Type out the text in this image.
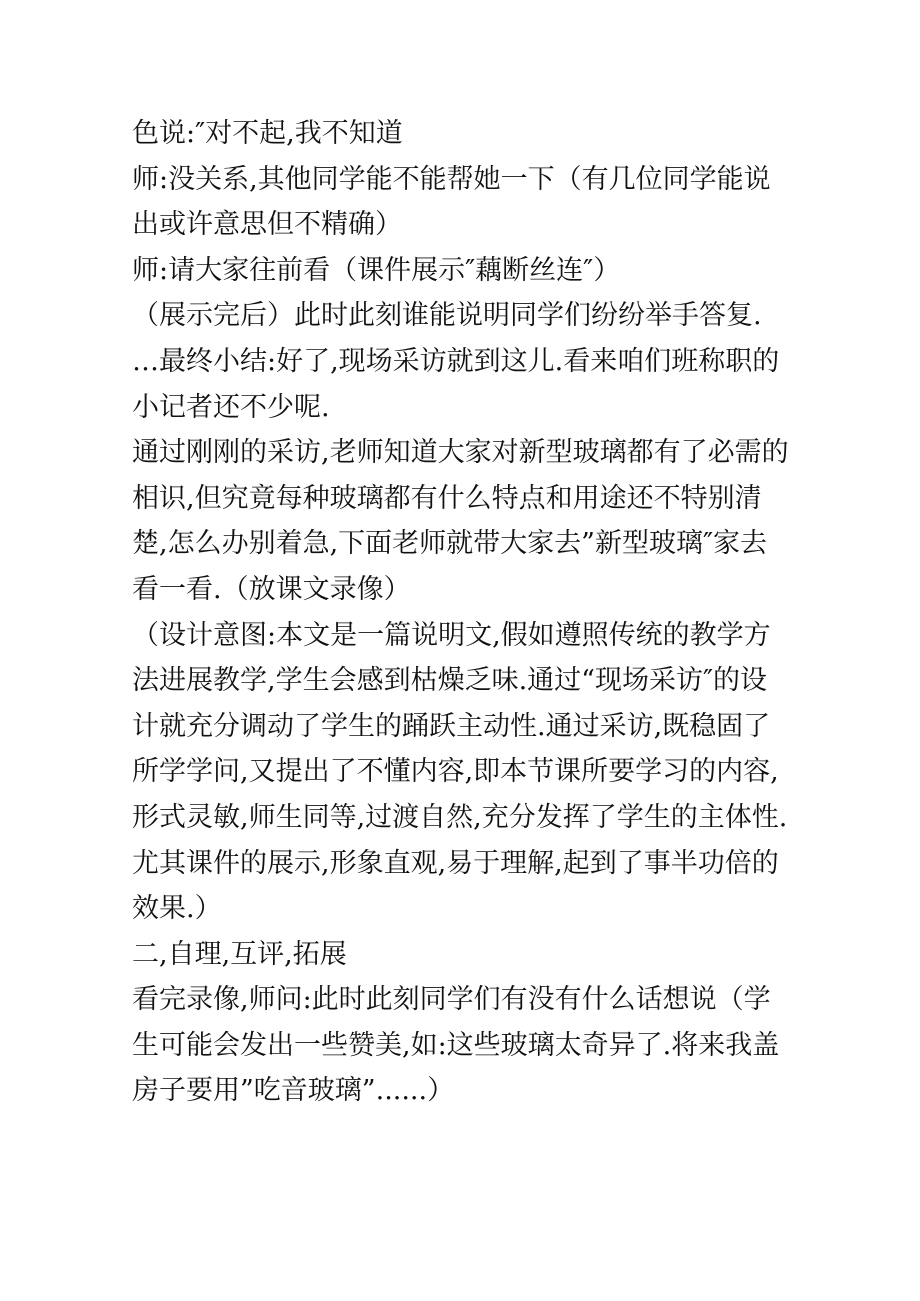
色说:″对不起,我不知道

师:没关系,其他同学能不能帮她一下（有几位同学能说出或许意思但不精确）

师:请大家往前看（课件展示″藕断丝连″）

（展示完后）此时此刻谁能说明同学们纷纷举手答复.

…最终小结:好了,现场采访就到这儿.看来咱们班称职的小记者还不少呢.

通过刚刚的采访,老师知道大家对新型玻璃都有了必需的相识,但究竟每种玻璃都有什么特点和用途还不特别清楚,怎么办别着急,下面老师就带大家去”新型玻璃″家去看一看.（放课文录像）

（设计意图:本文是一篇说明文,假如遵照传统的教学方法进展教学,学生会感到枯燥乏味.通过“现场采访″的设计就充分调动了学生的踊跃主动性.通过采访,既稳固了所学学问,又提出了不懂内容,即本节课所要学习的内容,形式灵敏,师生同等,过渡自然,充分发挥了学生的主体性.尤其课件的展示,形象直观,易于理解,起到了事半功倍的效果.）

二,自理,互评,拓展

看完录像,师问:此时此刻同学们有没有什么话想说（学生可能会发出一些赞美,如:这些玻璃太奇异了.将来我盖房子要用”吃音玻璃”......）
